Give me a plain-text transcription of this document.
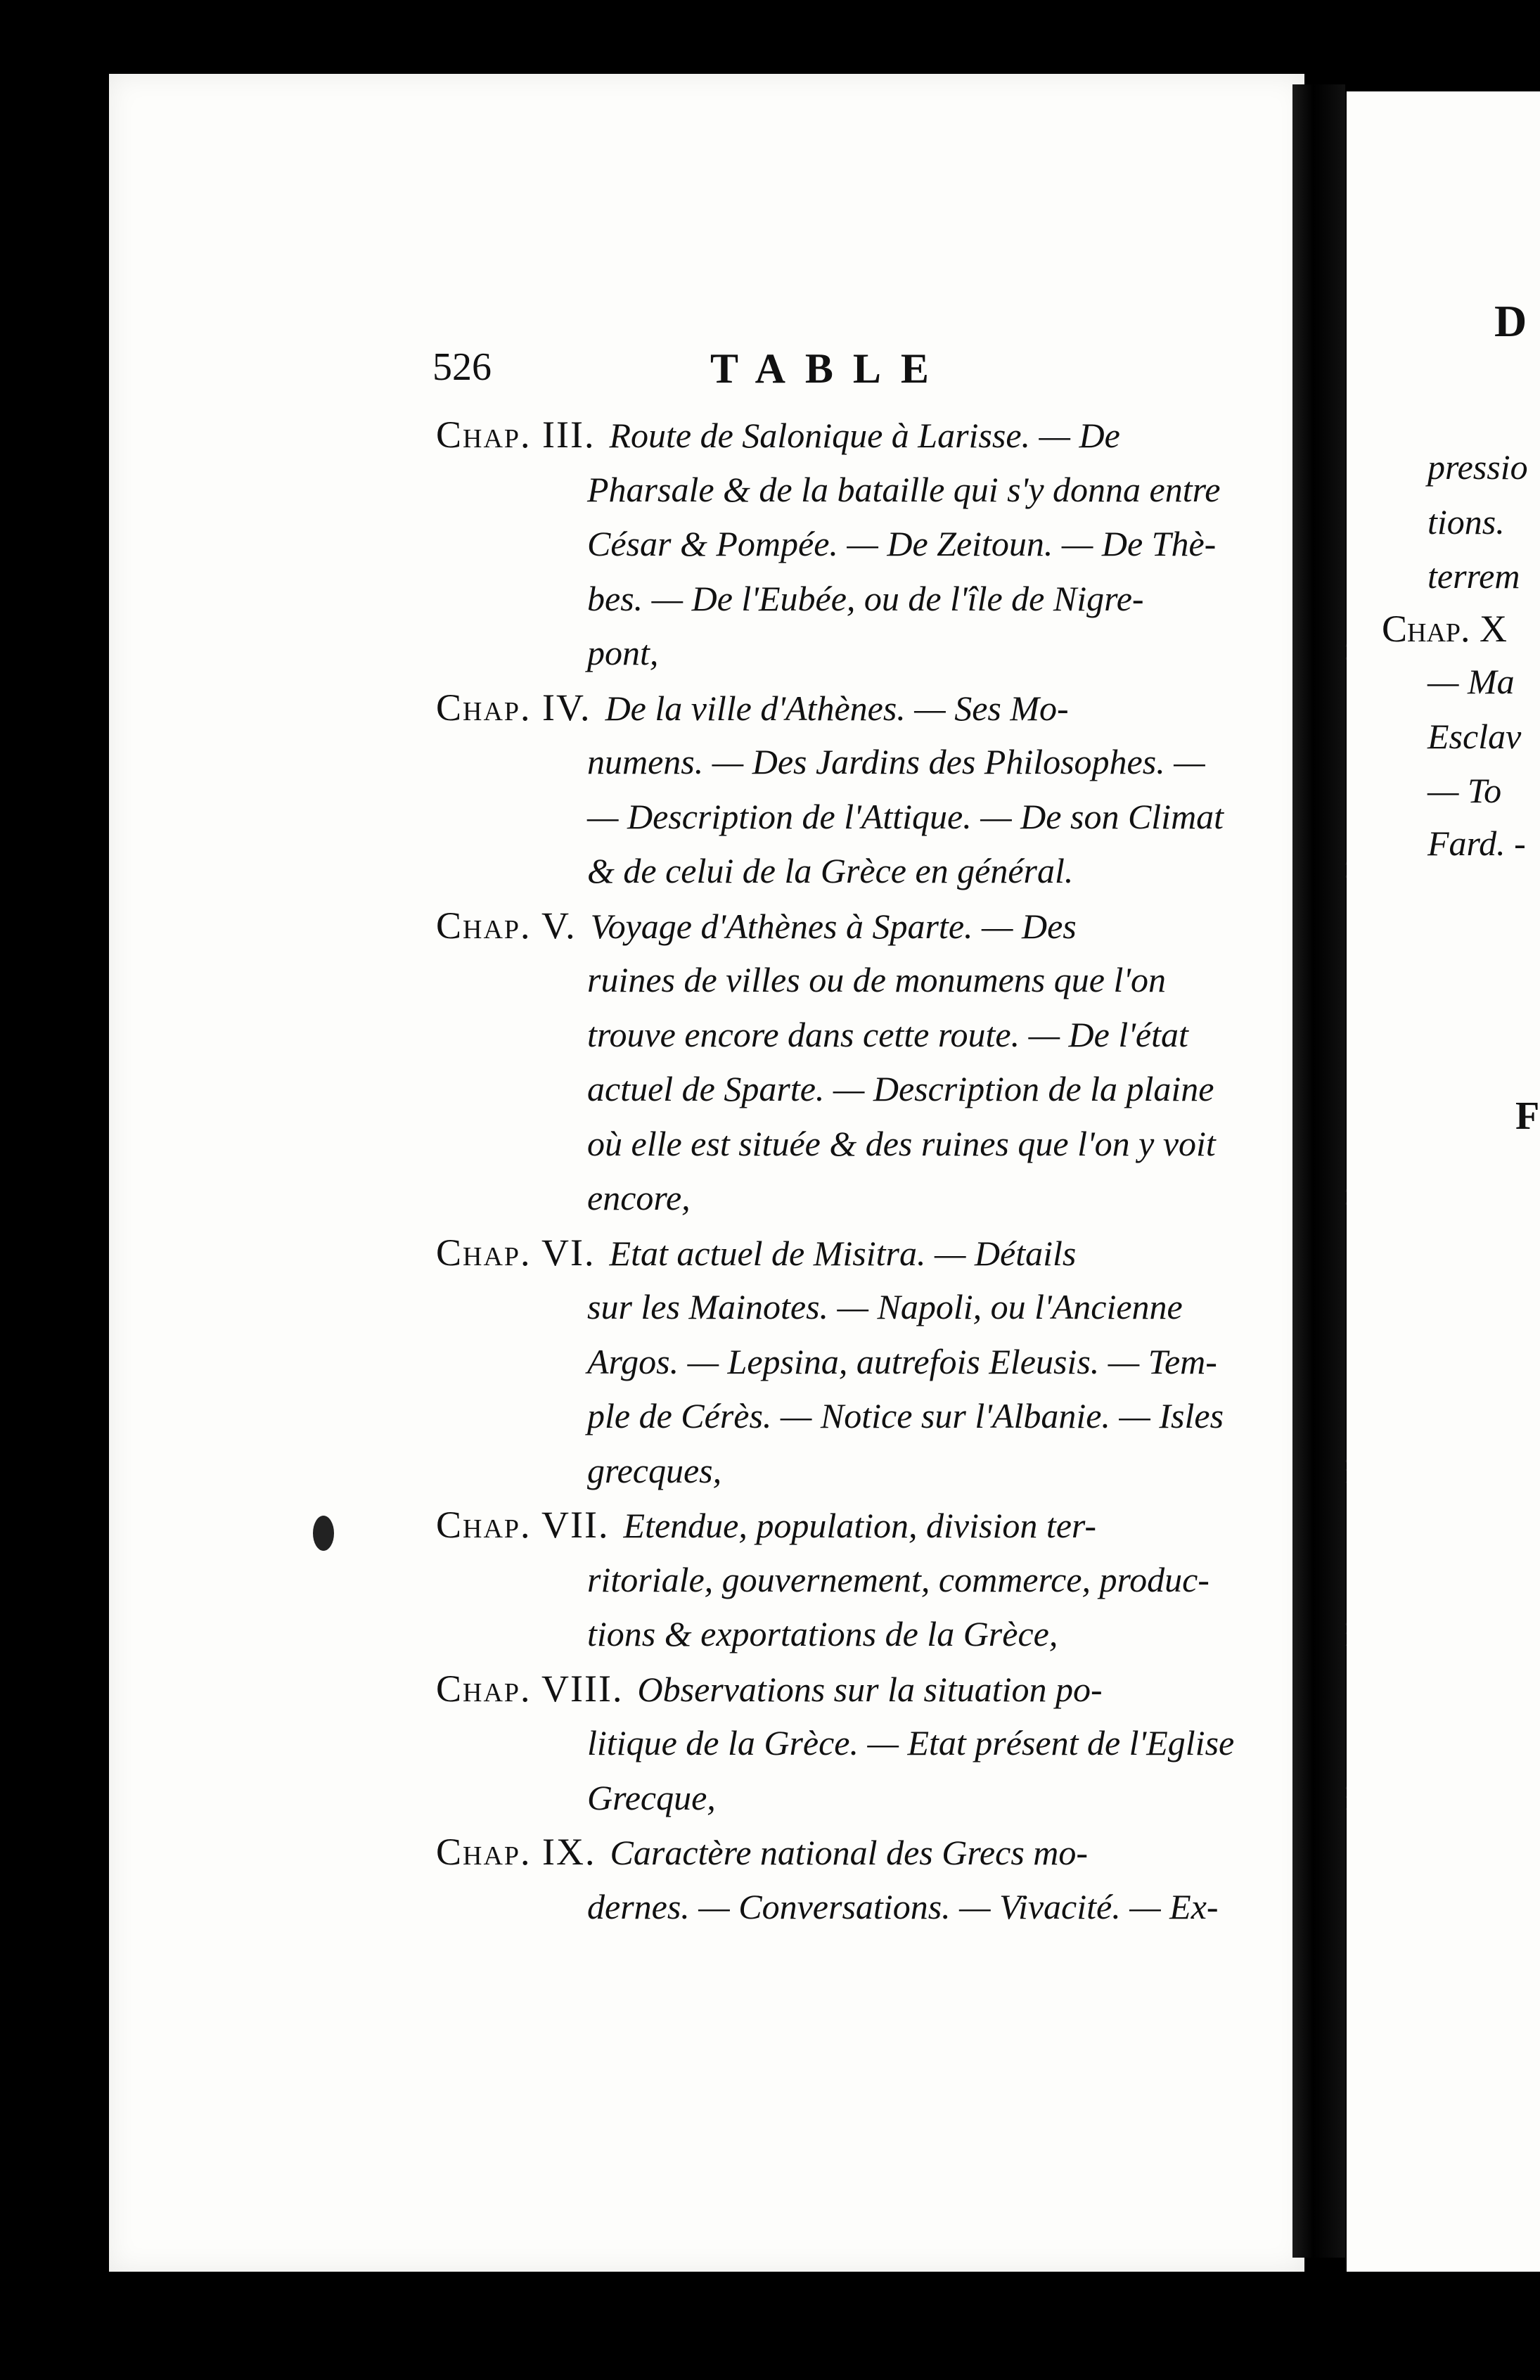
526	TABLE
Chap. III. Route de Salonique à Larisse. — De
Pharsale & de la bataille qui s'y donna entre
César & Pompée. — De Zeitoun. — De Thè-
bes. — De l'Eubée, ou de l'île de Nigre-
pont,
Chap. IV. De la ville d'Athènes. — Ses Mo-
numens. — Des Jardins des Philosophes. —
— Description de l'Attique. — De son Climat
& de celui de la Grèce en général.
Chap. V. Voyage d'Athènes à Sparte. — Des
ruines de villes ou de monumens que l'on
trouve encore dans cette route. — De l'état
actuel de Sparte. — Description de la plaine
où elle est située & des ruines que l'on y voit
encore,
Chap. VI. Etat actuel de Misitra. — Détails
sur les Mainotes. — Napoli, ou l'Ancienne
Argos. — Lepsina, autrefois Eleusis. — Tem-
ple de Cérès. — Notice sur l'Albanie. — Isles
grecques,
Chap. VII. Etendue, population, division ter-
ritoriale, gouvernement, commerce, produc-
tions & exportations de la Grèce,
Chap. VIII. Observations sur la situation po-
litique de la Grèce. — Etat présent de l'Eglise
Grecque,
Chap. IX. Caractère national des Grecs mo-
dernes. — Conversations. — Vivacité. — Ex-
D
pressio
tions.
terrem
Chap. X
— Ma
Esclav
— To
Fard. -
F
